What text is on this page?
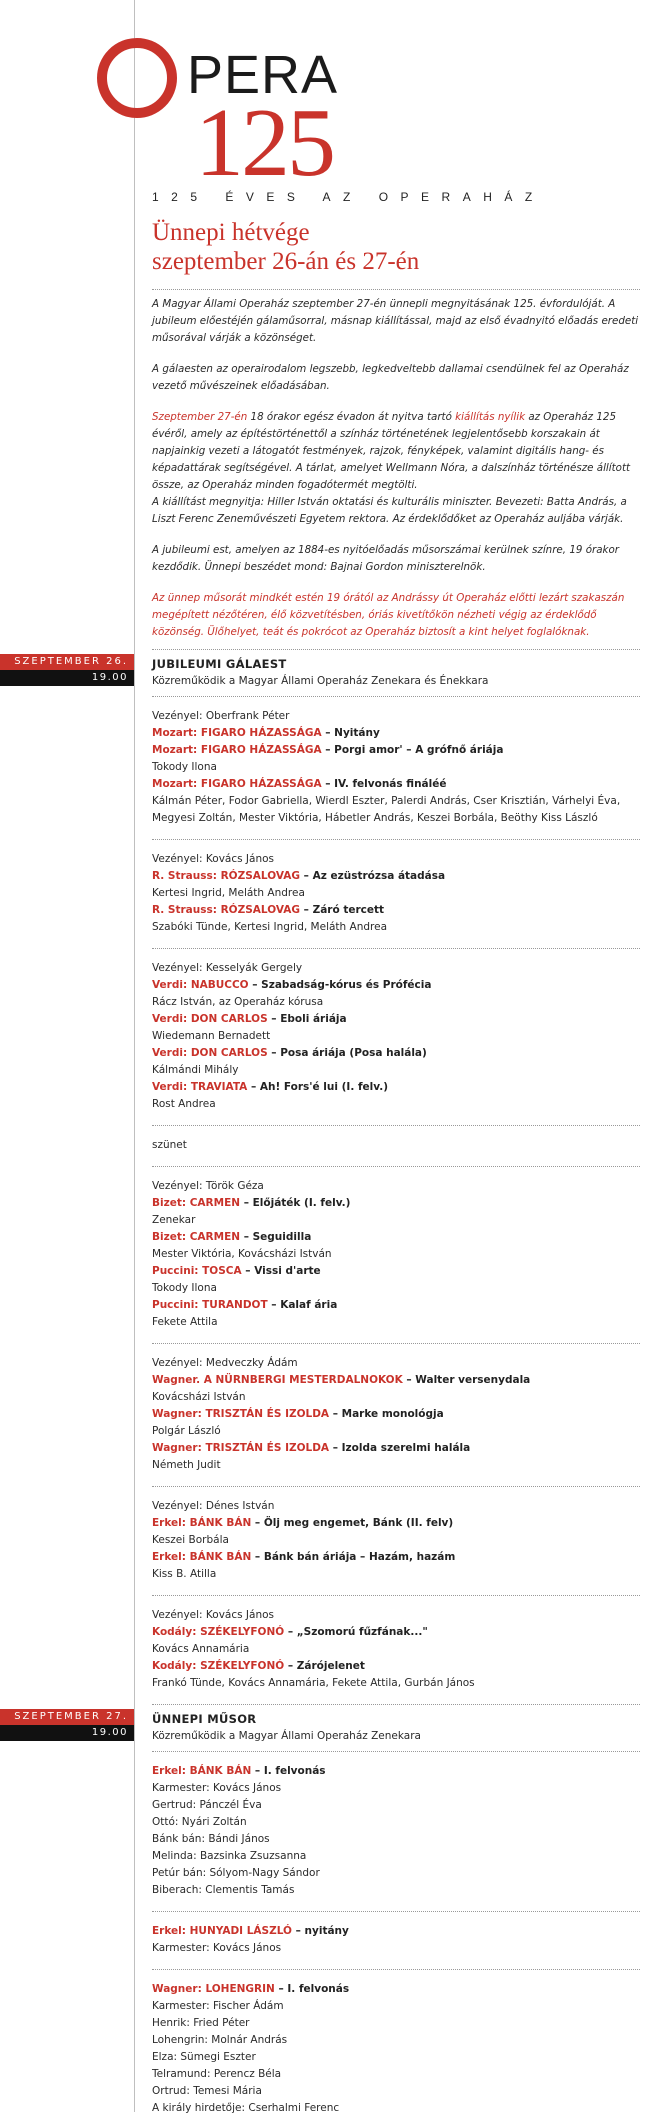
PERA
125
125 ÉVES AZ OPERAHÁZ
Ünnepi hétvége
szeptember 26-án és 27-én

A Magyar Állami Operaház szeptember 27-én ünnepli megnyitásának 125. évfordulóját. A jubileum előestéjén gálaműsorral, másnap kiállítással, majd az első évadnyitó előadás eredeti műsorával várják a közönséget.

A gálaesten az operairodalom legszebb, legkedveltebb dallamai csendülnek fel az Operaház vezető művészeinek előadásában.

Szeptember 27-én 18 órakor egész évadon át nyitva tartó kiállítás nyílik az Operaház 125 évéről, amely az építéstörténettől a színház történetének legjelentősebb korszakain át napjainkig vezeti a látogatót festmények, rajzok, fényképek, valamint digitális hang- és képadattárak segítségével. A tárlat, amelyet Wellmann Nóra, a dalszínház történésze állított össze, az Operaház minden fogadótermét megtölti.
A kiállítást megnyitja: Hiller István oktatási és kulturális miniszter. Bevezeti: Batta András, a Liszt Ferenc Zeneművészeti Egyetem rektora. Az érdeklődőket az Operaház auljába várják.

A jubileumi est, amelyen az 1884-es nyitóelőadás műsorszámai kerülnek színre, 19 órakor kezdődik. Ünnepi beszédet mond: Bajnai Gordon miniszterelnök.

Az ünnep műsorát mindkét estén 19 órától az Andrássy út Operaház előtti lezárt szakaszán megépített nézőtéren, élő közvetítésben, óriás kivetítőkön nézheti végig az érdeklődő közönség. Ülőhelyet, teát és pokrócot az Operaház biztosít a kint helyet foglalóknak.

JUBILEUMI GÁLAEST
Közreműködik a Magyar Állami Operaház Zenekara és Énekkara
Vezényel: Oberfrank Péter
Mozart: FIGARO HÁZASSÁGA – Nyitány
Mozart: FIGARO HÁZASSÁGA – Porgi amor' – A grófnő áriája
Tokody Ilona
Mozart: FIGARO HÁZASSÁGA – IV. felvonás fináléé
Kálmán Péter, Fodor Gabriella, Wierdl Eszter, Palerdi András, Cser Krisztián, Várhelyi Éva,
Megyesi Zoltán, Mester Viktória, Hábetler András, Keszei Borbála, Beöthy Kiss László
Vezényel: Kovács János
R. Strauss: RÓZSALOVAG – Az ezüstrózsa átadása
Kertesi Ingrid, Meláth Andrea
R. Strauss: RÓZSALOVAG – Záró tercett
Szabóki Tünde, Kertesi Ingrid, Meláth Andrea
Vezényel: Kesselyák Gergely
Verdi: NABUCCO – Szabadság-kórus és Prófécia
Rácz István, az Operaház kórusa
Verdi: DON CARLOS – Eboli áriája
Wiedemann Bernadett
Verdi: DON CARLOS – Posa áriája (Posa halála)
Kálmándi Mihály
Verdi: TRAVIATA – Ah! Fors'é lui (I. felv.)
Rost Andrea
szünet
Vezényel: Török Géza
Bizet: CARMEN – Előjáték (I. felv.)
Zenekar
Bizet: CARMEN – Seguidilla
Mester Viktória, Kovácsházi István
Puccini: TOSCA – Vissi d'arte
Tokody Ilona
Puccini: TURANDOT – Kalaf ária
Fekete Attila
Vezényel: Medveczky Ádám
Wagner. A NÜRNBERGI MESTERDALNOKOK – Walter versenydala
Kovácsházi István
Wagner: TRISZTÁN ÉS IZOLDA – Marke monológja
Polgár László
Wagner: TRISZTÁN ÉS IZOLDA – Izolda szerelmi halála
Németh Judit
Vezényel: Dénes István
Erkel: BÁNK BÁN – Ölj meg engemet, Bánk (II. felv)
Keszei Borbála
Erkel: BÁNK BÁN – Bánk bán áriája – Hazám, hazám
Kiss B. Atilla
Vezényel: Kovács János
Kodály: SZÉKELYFONÓ – „Szomorú fűzfának..."
Kovács Annamária
Kodály: SZÉKELYFONÓ – Zárójelenet
Frankó Tünde, Kovács Annamária, Fekete Attila, Gurbán János
ÜNNEPI MŰSOR
Közreműködik a Magyar Állami Operaház Zenekara
Erkel: BÁNK BÁN – I. felvonás
Karmester: Kovács János
Gertrud: Pánczél Éva
Ottó: Nyári Zoltán
Bánk bán: Bándi János
Melinda: Bazsinka Zsuzsanna
Petúr bán: Sólyom-Nagy Sándor
Biberach: Clementis Tamás
Erkel: HUNYADI LÁSZLÓ – nyitány
Karmester: Kovács János
Wagner: LOHENGRIN – I. felvonás
Karmester: Fischer Ádám
Henrik: Fried Péter
Lohengrin: Molnár András
Elza: Sümegi Eszter
Telramund: Perencz Béla
Ortrud: Temesi Mária
A király hirdetője: Cserhalmi Ferenc
SZEPTEMBER 26.
19.00
SZEPTEMBER 27.
19.00
